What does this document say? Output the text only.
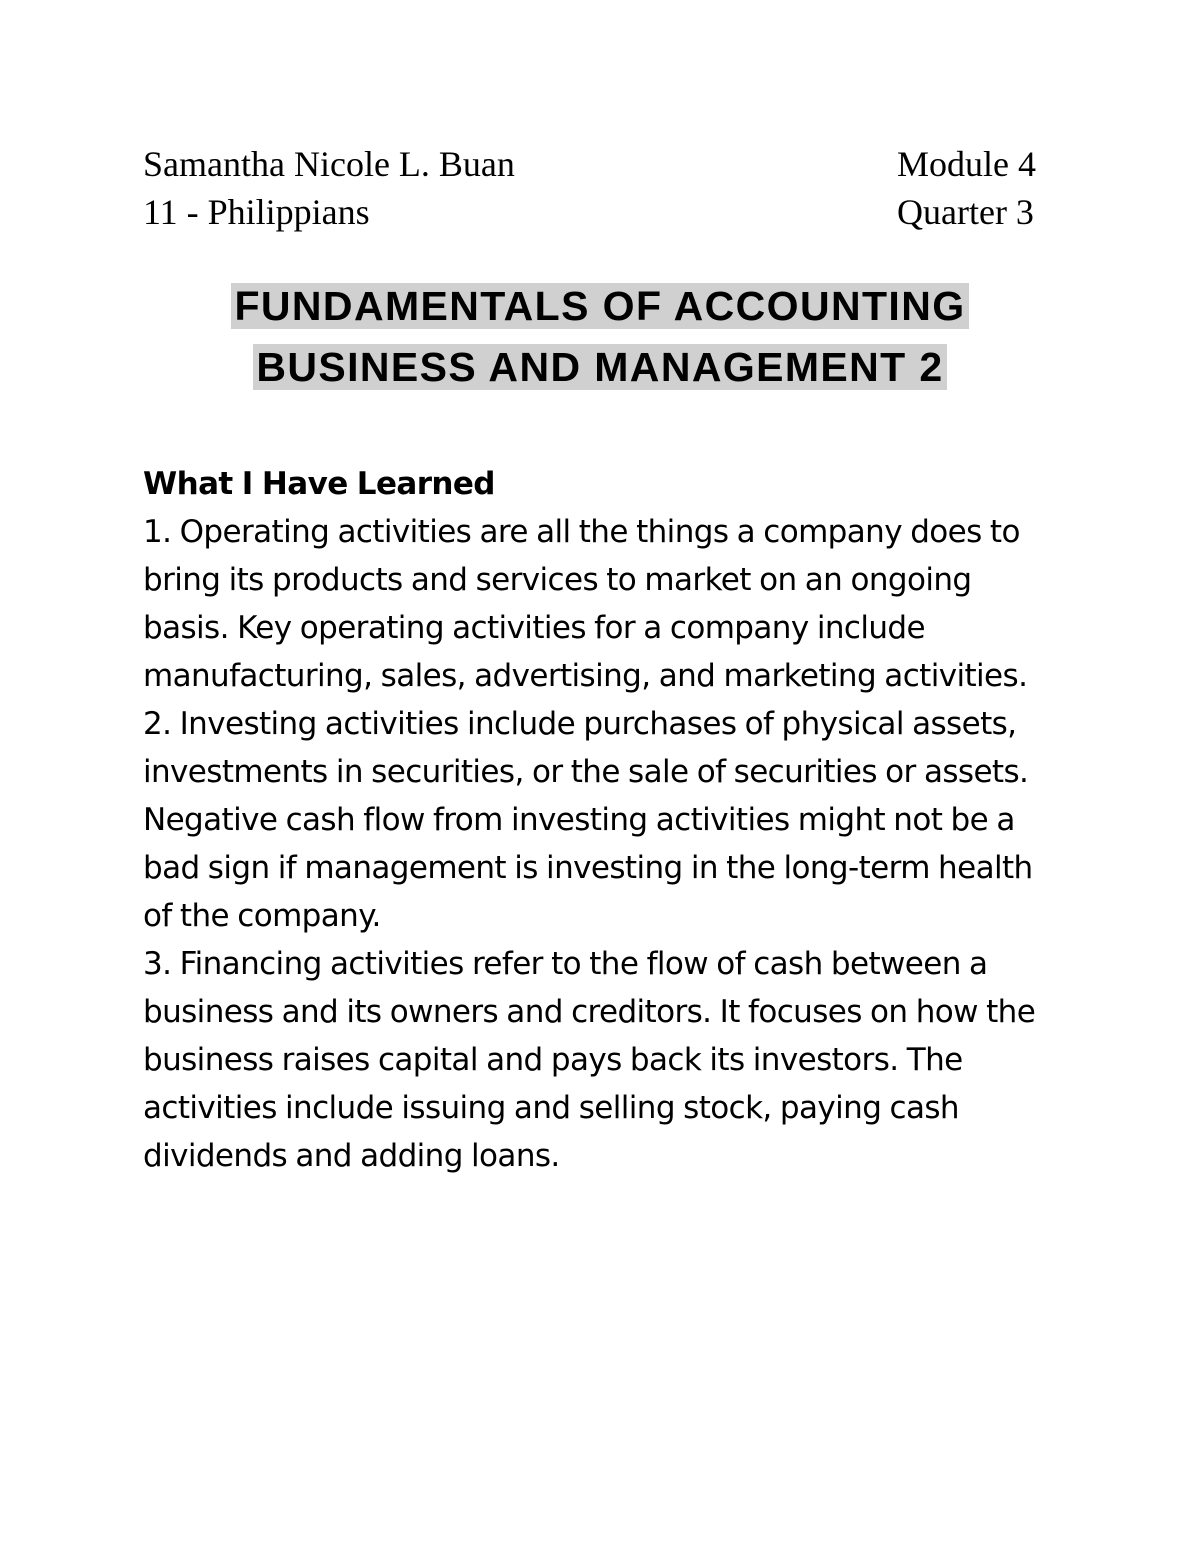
Samantha Nicole L. Buan	Module 4
11 - Philippians	Quarter 3
FUNDAMENTALS OF ACCOUNTING
BUSINESS AND MANAGEMENT 2

What I Have Learned

1. Operating activities are all the things a company does to bring its products and services to market on an ongoing basis. Key operating activities for a company include manufacturing, sales, advertising, and marketing activities.

2. Investing activities include purchases of physical assets, investments in securities, or the sale of securities or assets. Negative cash flow from investing activities might not be a bad sign if management is investing in the long-term health of the company.

3. Financing activities refer to the flow of cash between a business and its owners and creditors. It focuses on how the business raises capital and pays back its investors. The activities include issuing and selling stock, paying cash dividends and adding loans.
